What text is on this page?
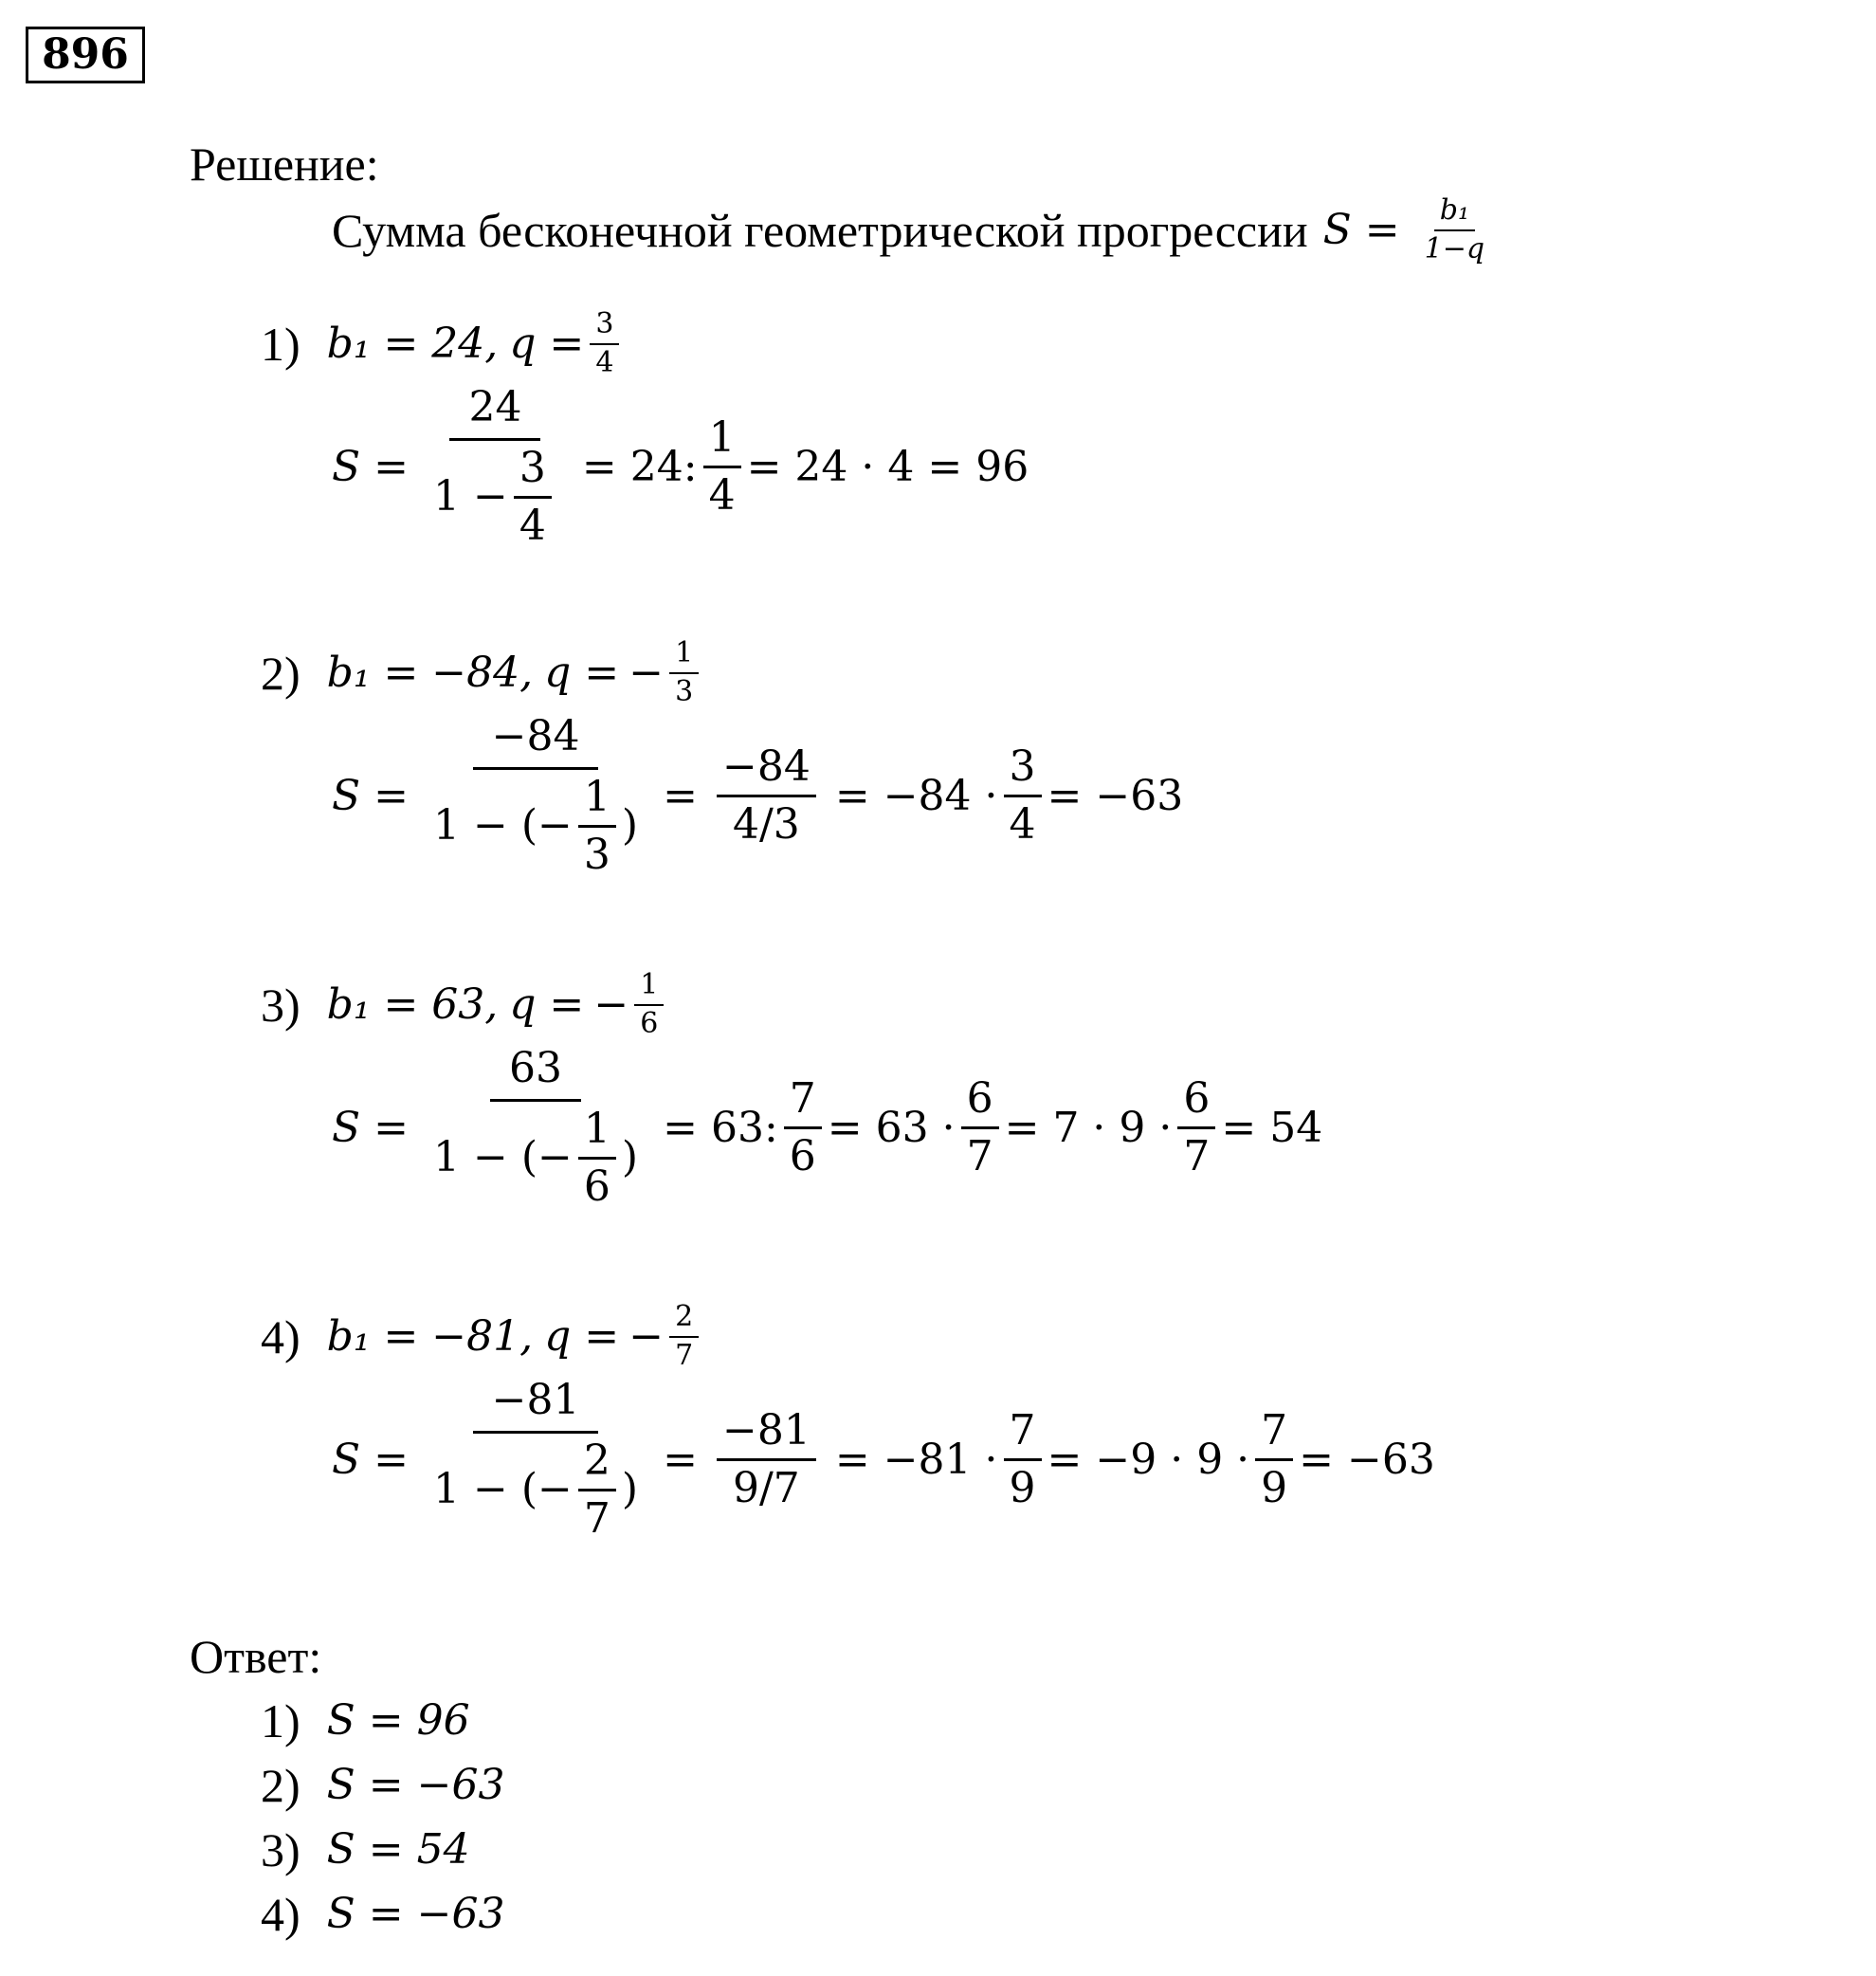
896
Решение:
Сумма бесконечной геометрической прогрессии $S = \frac{\text{b₁}}{1-q}$
1) b₁ = 24, $q = \frac{3}{4}$
$S = \frac{24}{1 - \frac{3}{4}} = 24$: $\frac{1}{4} = 24 \cdot 4 = 96$
2) b₁ = −84, q = − $\frac{1}{3}$
$S = \frac{-84}{1 - (- \frac{1}{3} )} = \frac{-84}{4/3} = -84 \cdot \frac{3}{4} = -63$
3) b₁ = 63, q = − $\frac{1}{6}$
$S = \frac{63}{1 - (- \frac{1}{6} )} = 63$: $\frac{7}{6} = 63 \cdot \frac{6}{7} = 7 \cdot 9 \cdot \frac{6}{7} = 54$
4) b₁ = −81, q = − $\frac{2}{7}$
$S = \frac{-81}{1 - (- \frac{2}{7} )} = \frac{-81}{9/7} = -81 \cdot \frac{7}{9} = -9 \cdot 9 \cdot \frac{7}{9} = -63$
Ответ:
1) S = 96
2) S = −63
3) S = 54
4) S = −63
